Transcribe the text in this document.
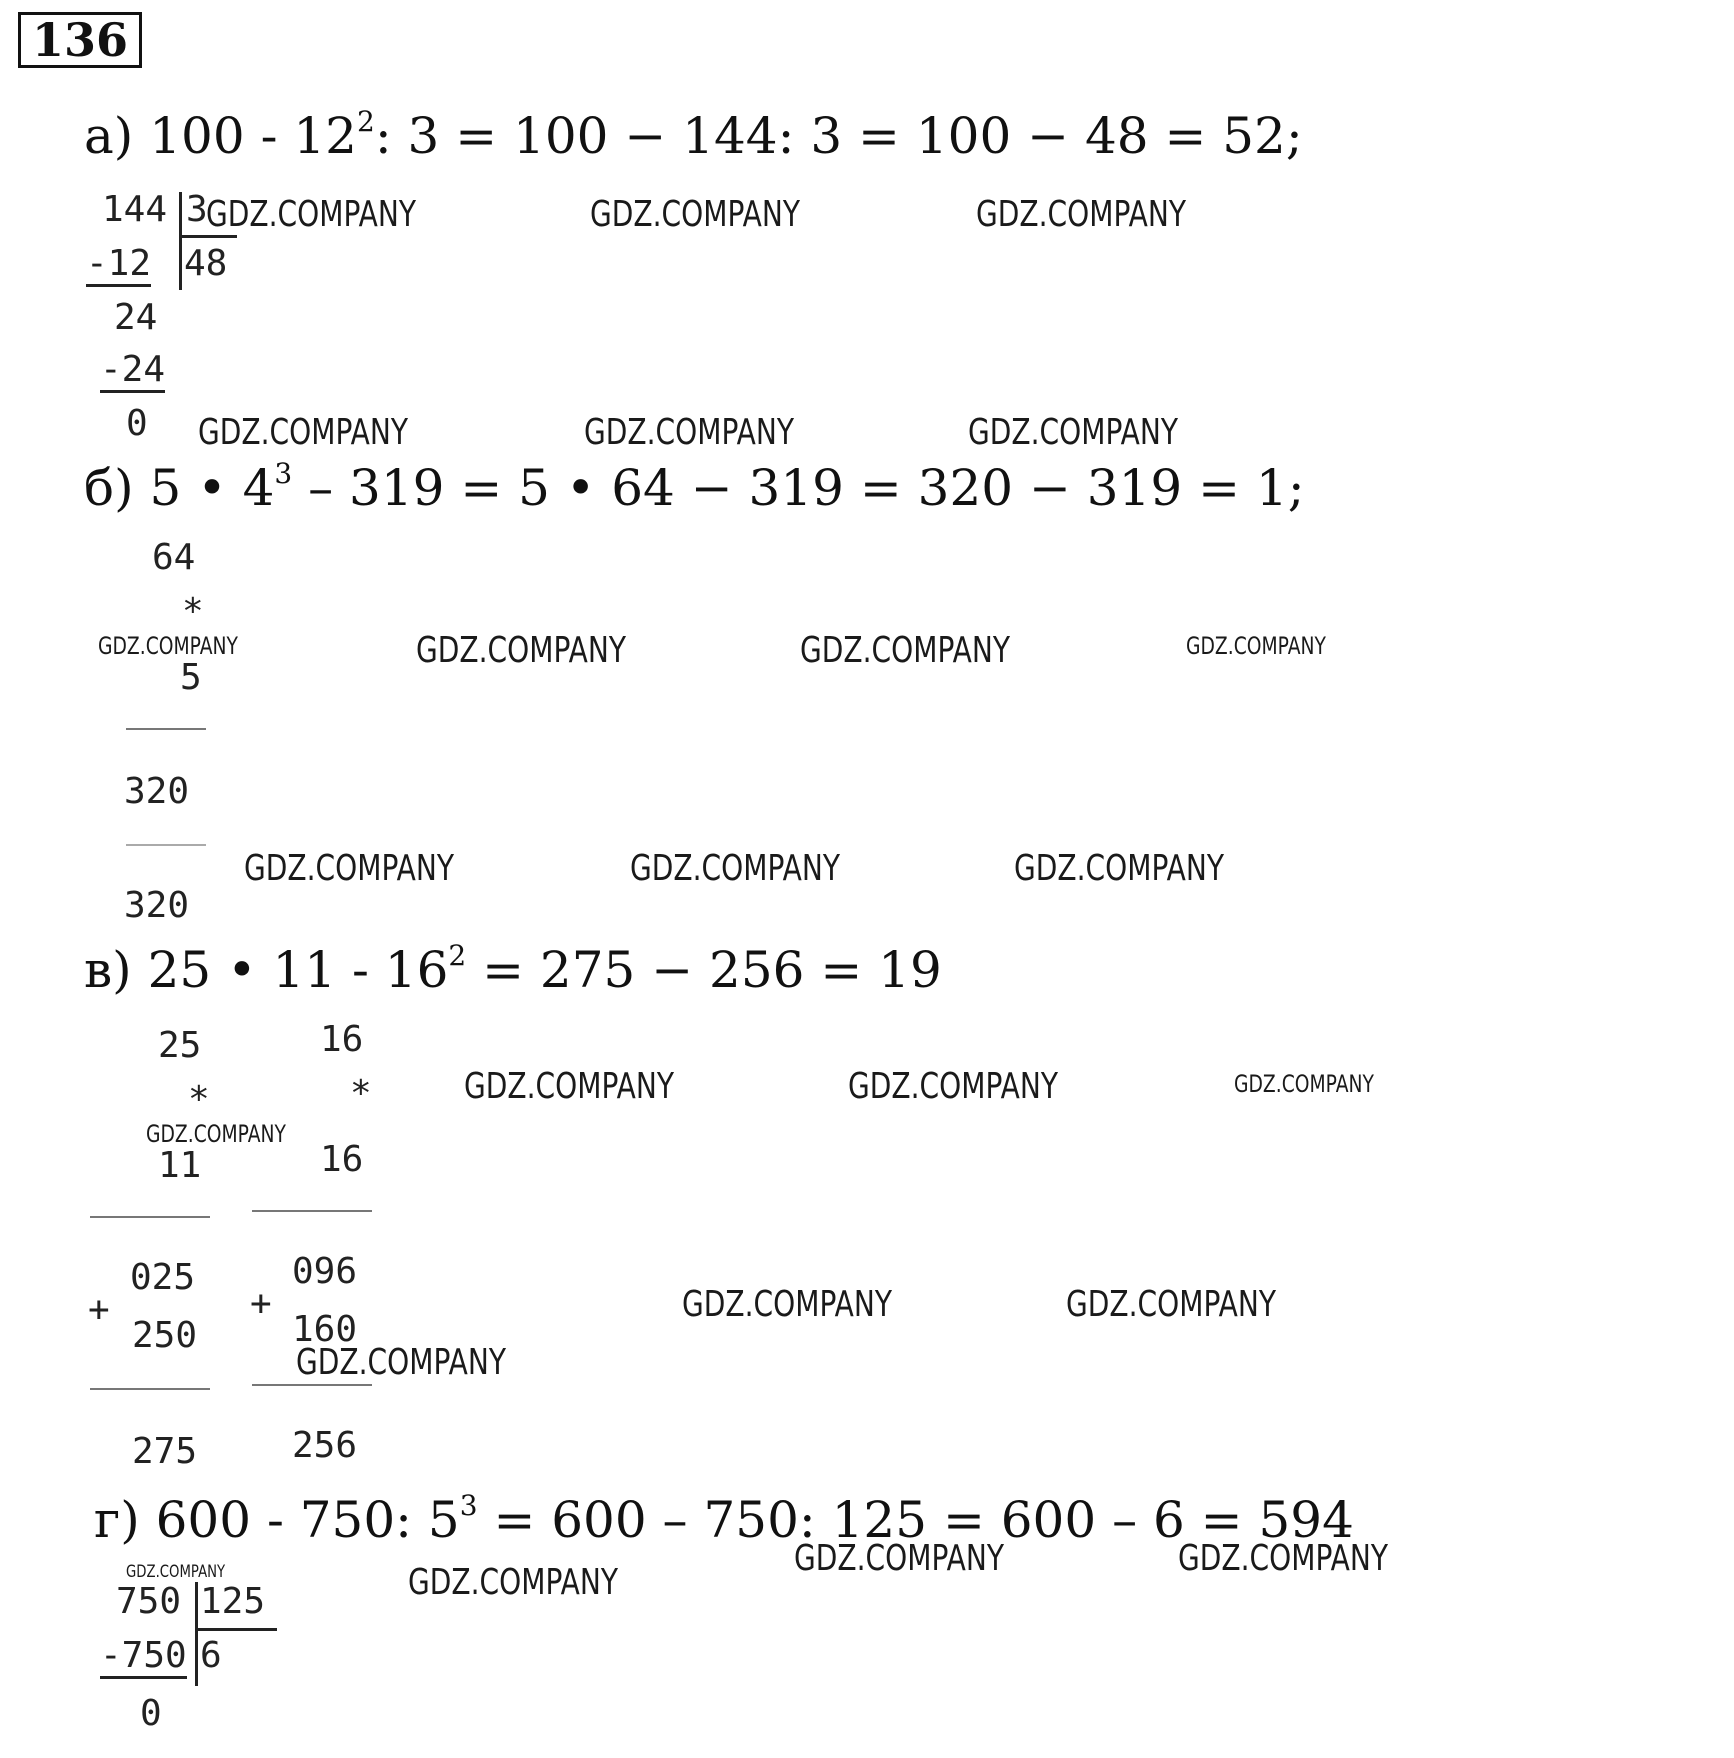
136
а) $100 - 12^2$: 3 = 100 − 144: 3 = 100 − 48 = 52;
144 3
48
-12
24
-24
0
б) 5 • $4^3 - 319 = 5$ • 64 − 319 = 320 − 319 = 1;
64
*
5
320
320
в) 25 • $11 - 16^2 = 275 - 256 = 19$
25
*
11
025
+
250
275
16
*
16
096
+
160
256
г) 600 - 750: $5^3 = 600 - 750$: 125 = 600 – 6 = 594
750 125
6
-750
0
GDZ.COMPANY	GDZ.COMPANY	GDZ.COMPANY
GDZ.COMPANY	GDZ.COMPANY	GDZ.COMPANY
GDZ.COMPANY	GDZ.COMPANY	GDZ.COMPANY	GDZ.COMPANY
GDZ.COMPANY	GDZ.COMPANY	GDZ.COMPANY
GDZ.COMPANY	GDZ.COMPANY	GDZ.COMPANY
GDZ.COMPANY
GDZ.COMPANY	GDZ.COMPANY
GDZ.COMPANY
GDZ.COMPANY	GDZ.COMPANY
GDZ.COMPANY
GDZ.COMPANY
